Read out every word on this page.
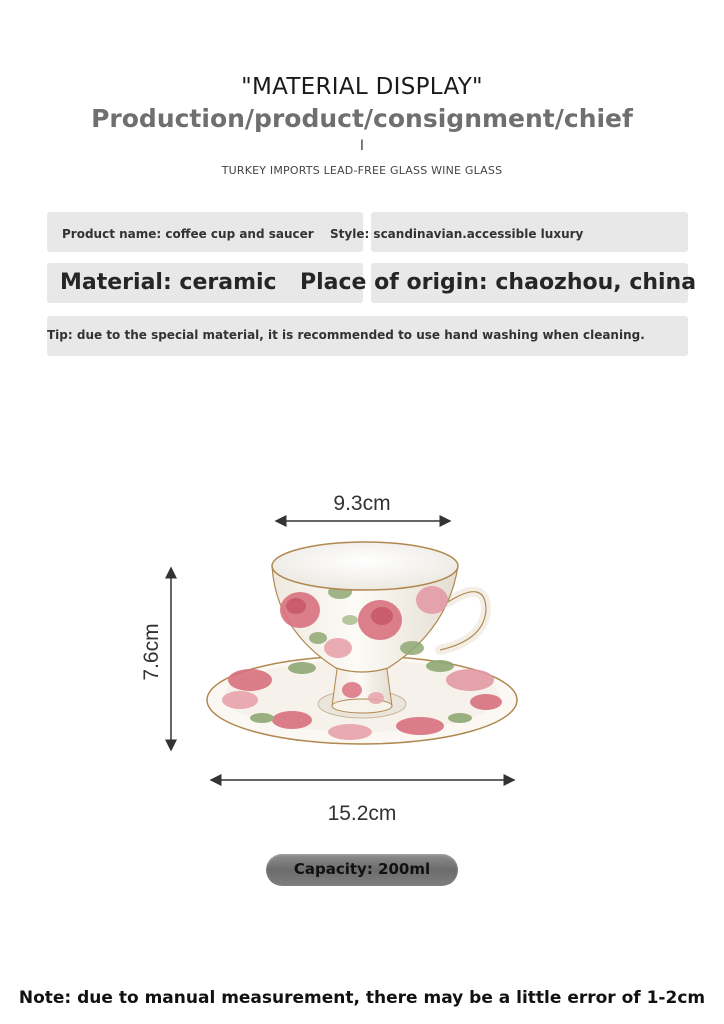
"MATERIAL DISPLAY"
Production/product/consignment/chief
I
TURKEY IMPORTS LEAD-FREE GLASS WINE GLASS
Product name: coffee cup and saucer Style: scandinavian.accessible luxury
Material: ceramic Place of origin: chaozhou, china
Tip: due to the special material, it is recommended to use hand washing when cleaning.
9.3cm
7.6cm
15.2cm
Capacity: 200ml
Note: due to manual measurement, there may be a little error of 1-2cm
